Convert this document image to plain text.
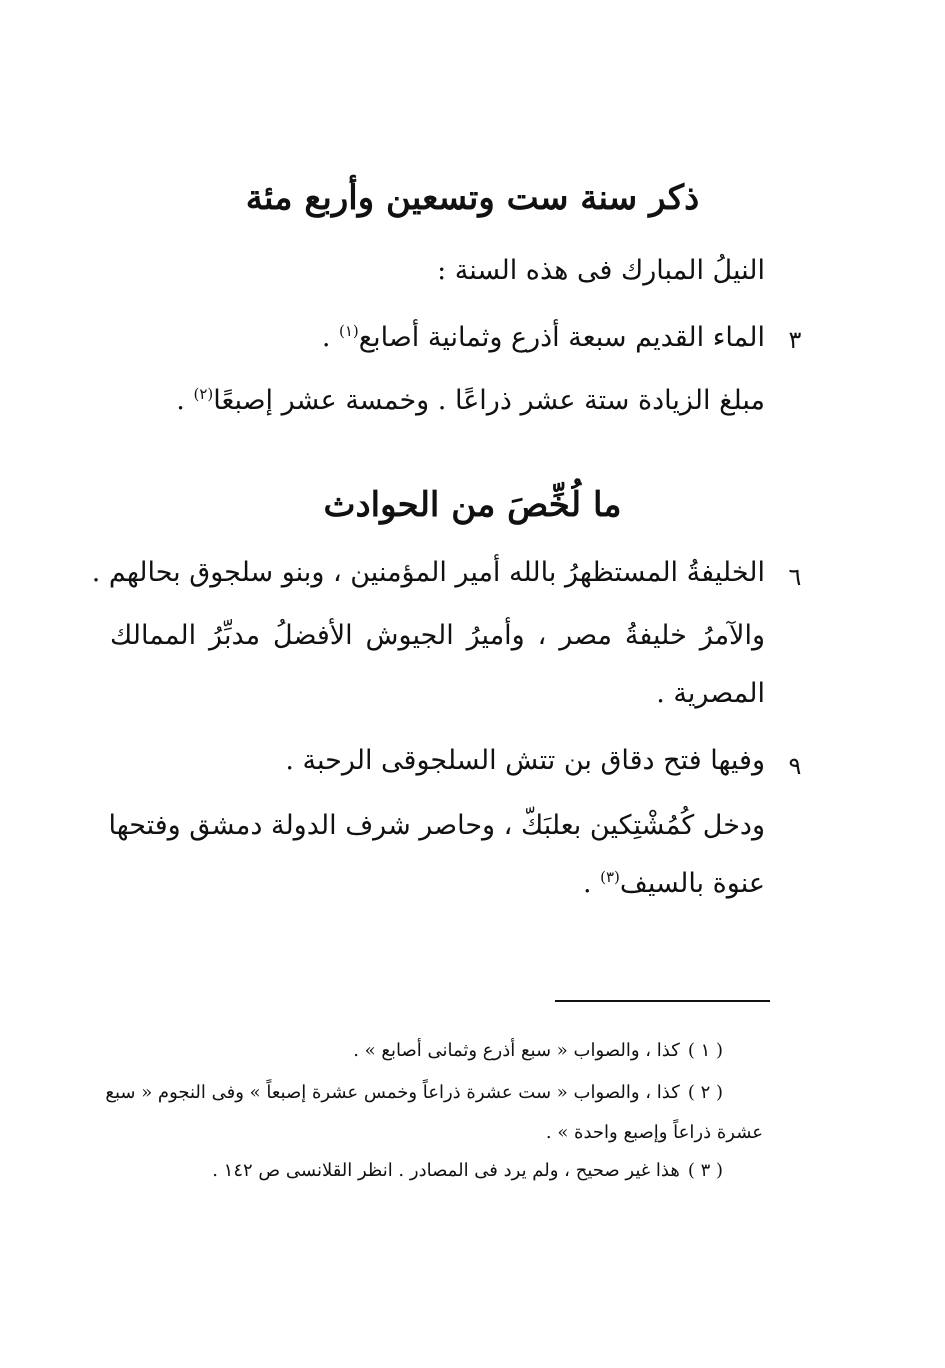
ذكر سنة ست وتسعين وأربع مئة
النيلُ المبارك فى هذه السنة :
٣
الماء القديم سبعة أذرع وثمانية أصابع$^{(١)}$ .
مبلغ الزيادة ستة عشر ذراعًا . وخمسة عشر إصبعًا$^{(٢)}$ .
ما لُخِّصَ من الحوادث
٦
الخليفةُ المستظهرُ بالله أمير المؤمنين ، وبنو سلجوق بحالهم .
والآمرُ خليفةُ مصر ، وأميرُ الجيوش الأفضلُ مدبِّرُ الممالك
المصرية .
٩
وفيها فتح دقاق بن تتش السلجوقى الرحبة .
ودخل كُمُشْتِكين بعلبَكّ ، وحاصر شرف الدولة دمشق وفتحها
عنوة بالسيف$^{(٣)}$ .
( ١ )كذا ، والصواب « سبع أذرع وثمانى أصابع » .
( ٢ )كذا ، والصواب « ست عشرة ذراعاً وخمس عشرة إصبعاً » وفى النجوم « سبع
عشرة ذراعاً وإصبع واحدة » .
( ٣ )هذا غير صحيح ، ولم يرد فى المصادر . انظر القلانسى ص ١٤٢ .
